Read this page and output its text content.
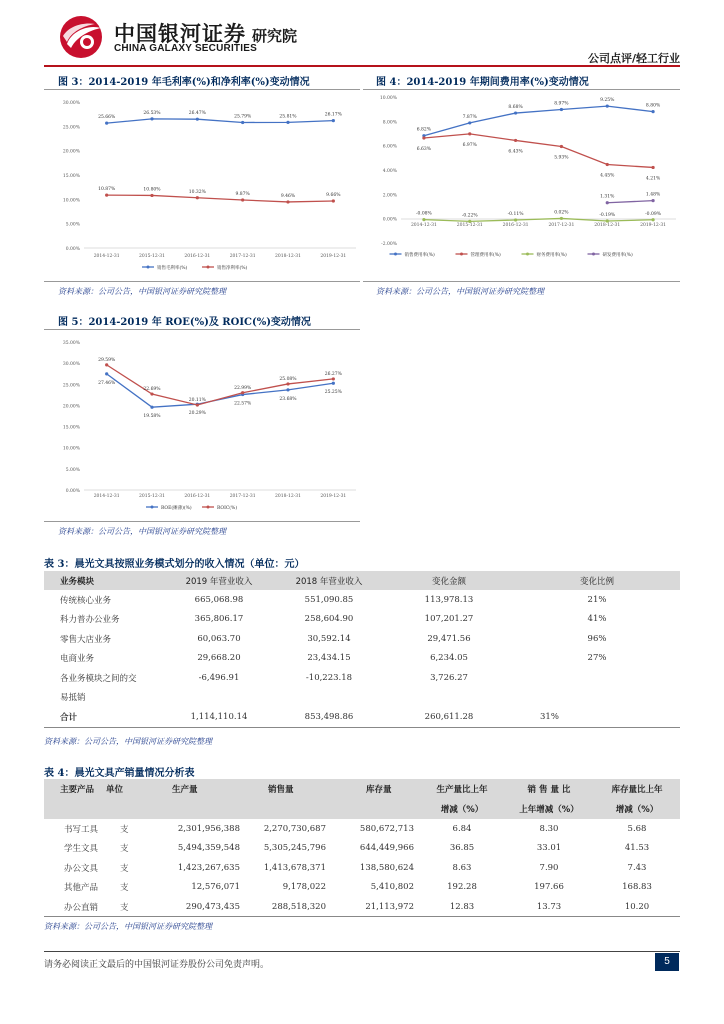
中国银河证券
CHINA GALAXY SECURITIES
研究院
公司点评/轻工行业
图 3：2014-2019 年毛利率(%)和净利率(%)变动情况
0.00%
5.00%
10.00%
15.00%
20.00%
25.00%
30.00%
2014-12-31	2015-12-31	2016-12-31	2017-12-31	2018-12-31	2019-12-31
25.66%
26.53%	26.47%
25.79%	25.81%	26.17%
10.87%	10.80%	10.32%	9.87%	9.46%	9.66%
销售毛利率(%)	销售净利率(%)
资料来源：公司公告，中国银河证券研究院整理
图 4：2014-2019 年期间费用率(%)变动情况
-2.00%
0.00%
2.00%
4.00%
6.00%
8.00%
10.00%
2014-12-31	2015-12-31	2016-12-31	2017-12-31	2018-12-31	2019-12-31
6.82%
7.87%
8.68%
8.97%
9.25%
8.80%
6.63%
6.97%
6.43%
5.93%
4.45%
4.21%
-0.08%	-0.22%	-0.11%	0.02%
-0.19%	-0.09%
1.31%	1.48%
销售费用率(%)	管理费用率(%)	财务费用率(%)	研发费用率(%)
资料来源：公司公告，中国银河证券研究院整理
图 5：2014-2019 年 ROE(%)及 ROIC(%)变动情况
0.00%
5.00%
10.00%
15.00%
20.00%
25.00%
30.00%
35.00%
2014-12-31	2015-12-31	2016-12-31	2017-12-31	2018-12-31	2019-12-31
27.46%
19.58%
20.29%
22.57%
23.68%
25.25%
29.59%
22.69%
20.11%
22.99%
25.08%
26.27%
ROE(摊薄)(%)	ROIC(%)
资料来源：公司公告，中国银河证券研究院整理
表 3：晨光文具按照业务模式划分的收入情况（单位：元）
业务模块	2019 年营业收入	2018 年营业收入	变化金额	变化比例
传统核心业务	665,068.98	551,090.85	113,978.13	21%
科力普办公业务	365,806.17	258,604.90	107,201.27	41%
零售大店业务	60,063.70	30,592.14	29,471.56	96%
电商业务	29,668.20	23,434.15	6,234.05	27%
各业务模块之间的交	-6,496.91	-10,223.18	3,726.27	
易抵销				
合计	1,114,110.14	853,498.86	260,611.28	31%
资料来源：公司公告，中国银河证券研究院整理
表 4：晨光文具产销量情况分析表
主要产品	单位	生产量	销售量	库存量	生产量比上年	销 售 量 比	库存量比上年
					增减（%）	上年增减（%）	增减（%）
书写工具	支	2,301,956,388	2,270,730,687	580,672,713	6.84	8.30	5.68
学生文具	支	5,494,359,548	5,305,245,796	644,449,966	36.85	33.01	41.53
办公文具	支	1,423,267,635	1,413,678,371	138,580,624	8.63	7.90	7.43
其他产品	支	12,576,071	9,178,022	5,410,802	192.28	197.66	168.83
办公直销	支	290,473,435	288,518,320	21,113,972	12.83	13.73	10.20
资料来源：公司公告，中国银河证券研究院整理
请务必阅读正文最后的中国银河证券股份公司免责声明。	5
